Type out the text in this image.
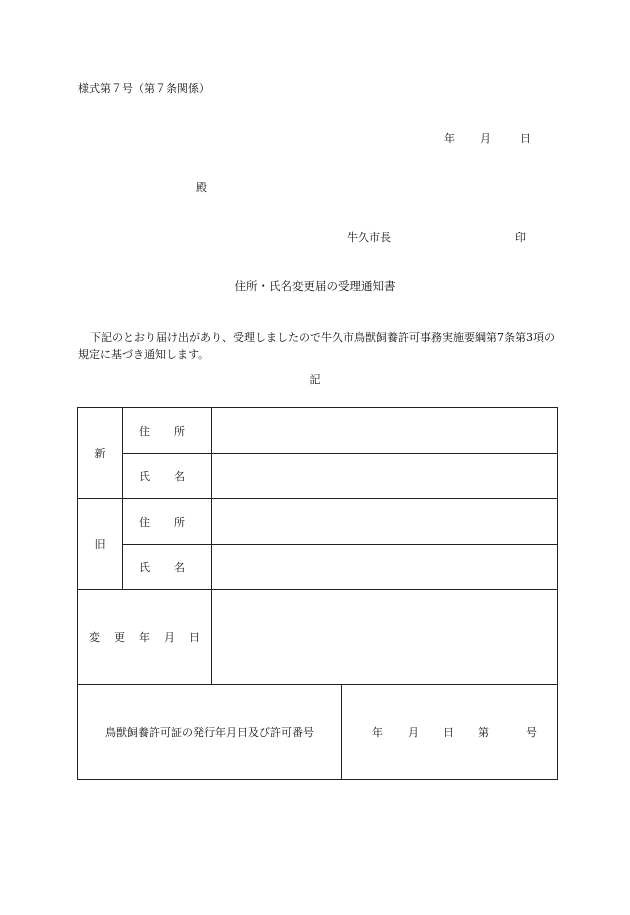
様式第７号（第７条関係）
年 月	日
殿
牛久市長	印
住所・氏名変更届の受理通知書
下記のとおり届け出があり、受理しましたので牛久市鳥獣飼養許可事務実施要綱第7条第3項の規定に基づき通知します。
記
新	住 所		
	氏 名		
旧	住 所		
	氏 名		
変 更 年 月 日			
鳥獣飼養許可証の発行年月日及び許可番号			年 月 日 第 号
